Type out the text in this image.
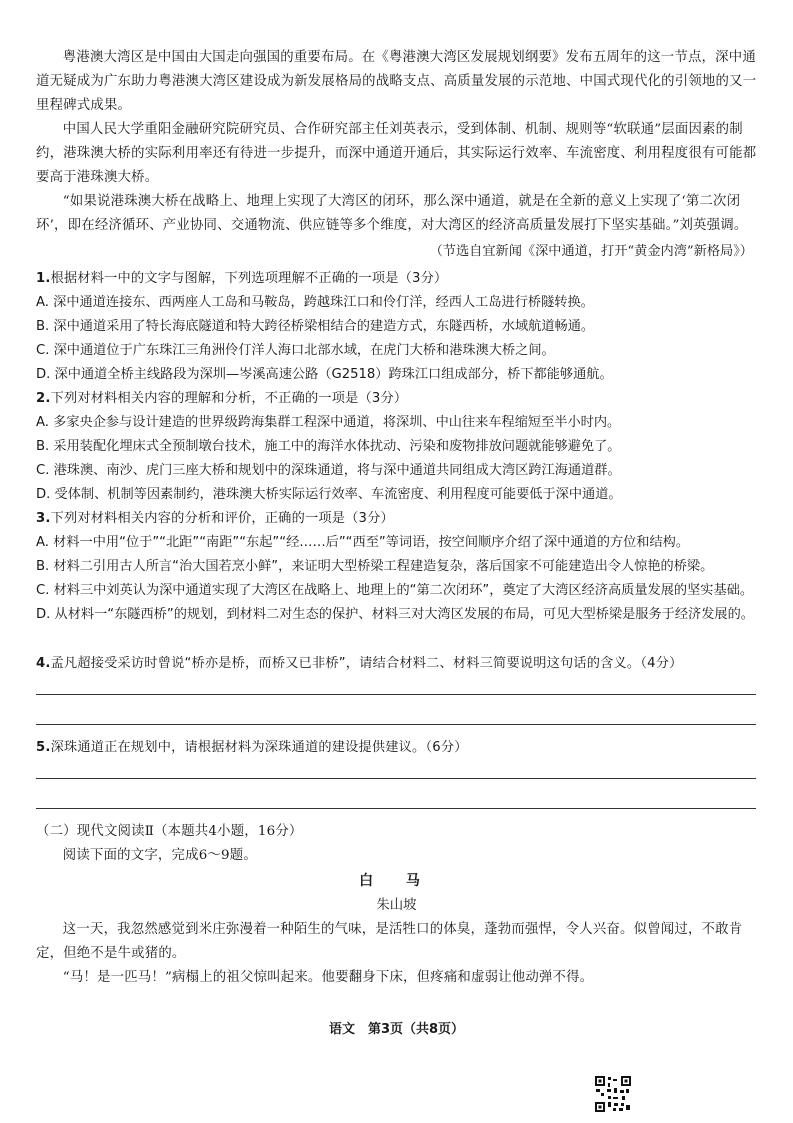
粤港澳大湾区是中国由大国走向强国的重要布局。在《粤港澳大湾区发展规划纲要》发布五周年的这一节点，深中通道无疑成为广东助力粤港澳大湾区建设成为新发展格局的战略支点、高质量发展的示范地、中国式现代化的引领地的又一里程碑式成果。

中国人民大学重阳金融研究院研究员、合作研究部主任刘英表示，受到体制、机制、规则等“软联通”层面因素的制约，港珠澳大桥的实际利用率还有待进一步提升，而深中通道开通后，其实际运行效率、车流密度、利用程度很有可能都要高于港珠澳大桥。

“如果说港珠澳大桥在战略上、地理上实现了大湾区的闭环，那么深中通道，就是在全新的意义上实现了‘第二次闭环’，即在经济循环、产业协同、交通物流、供应链等多个维度，对大湾区的经济高质量发展打下坚实基础。”刘英强调。

（节选自宜新闻《深中通道，打开“黄金内湾”新格局》）
1.根据材料一中的文字与图解，下列选项理解不正确的一项是（3分）
A. 深中通道连接东、西两座人工岛和马鞍岛，跨越珠江口和伶仃洋，经西人工岛进行桥隧转换。
B. 深中通道采用了特长海底隧道和特大跨径桥梁相结合的建造方式，东隧西桥，水域航道畅通。
C. 深中通道位于广东珠江三角洲伶仃洋人海口北部水域，在虎门大桥和港珠澳大桥之间。
D. 深中通道全桥主线路段为深圳—岑溪高速公路（G2518）跨珠江口组成部分，桥下都能够通航。
2.下列对材料相关内容的理解和分析，不正确的一项是（3分）
A. 多家央企参与设计建造的世界级跨海集群工程深中通道，将深圳、中山往来车程缩短至半小时内。
B. 采用装配化埋床式全预制墩台技术，施工中的海洋水体扰动、污染和废物排放问题就能够避免了。
C. 港珠澳、南沙、虎门三座大桥和规划中的深珠通道，将与深中通道共同组成大湾区跨江海通道群。
D. 受体制、机制等因素制约，港珠澳大桥实际运行效率、车流密度、利用程度可能要低于深中通道。
3.下列对材料相关内容的分析和评价，正确的一项是（3分）
A. 材料一中用“位于”“北距”“南距”“东起”“经……后”“西至”等词语，按空间顺序介绍了深中通道的方位和结构。
B. 材料二引用古人所言“治大国若烹小鲜”，来证明大型桥梁工程建造复杂，落后国家不可能建造出令人惊艳的桥梁。
C. 材料三中刘英认为深中通道实现了大湾区在战略上、地理上的“第二次闭环”，奠定了大湾区经济高质量发展的坚实基础。
D. 从材料一“东隧西桥”的规划，到材料二对生态的保护、材料三对大湾区发展的布局，可见大型桥梁是服务于经济发展的。
4.孟凡超接受采访时曾说“桥亦是桥，而桥又已非桥”，请结合材料二、材料三简要说明这句话的含义。（4分）
5.深珠通道正在规划中，请根据材料为深珠通道的建设提供建议。（6分）
（二）现代文阅读Ⅱ（本题共4小题，16分）
阅读下面的文字，完成6～9题。
白 马
朱山坡

这一天，我忽然感觉到米庄弥漫着一种陌生的气味，是活牲口的体臭，蓬勃而强悍，令人兴奋。似曾闻过，不敢肯定，但绝不是牛或猪的。

“马！是一匹马！”病榻上的祖父惊叫起来。他要翻身下床，但疼痛和虚弱让他动弹不得。

语文　第3页（共8页）
